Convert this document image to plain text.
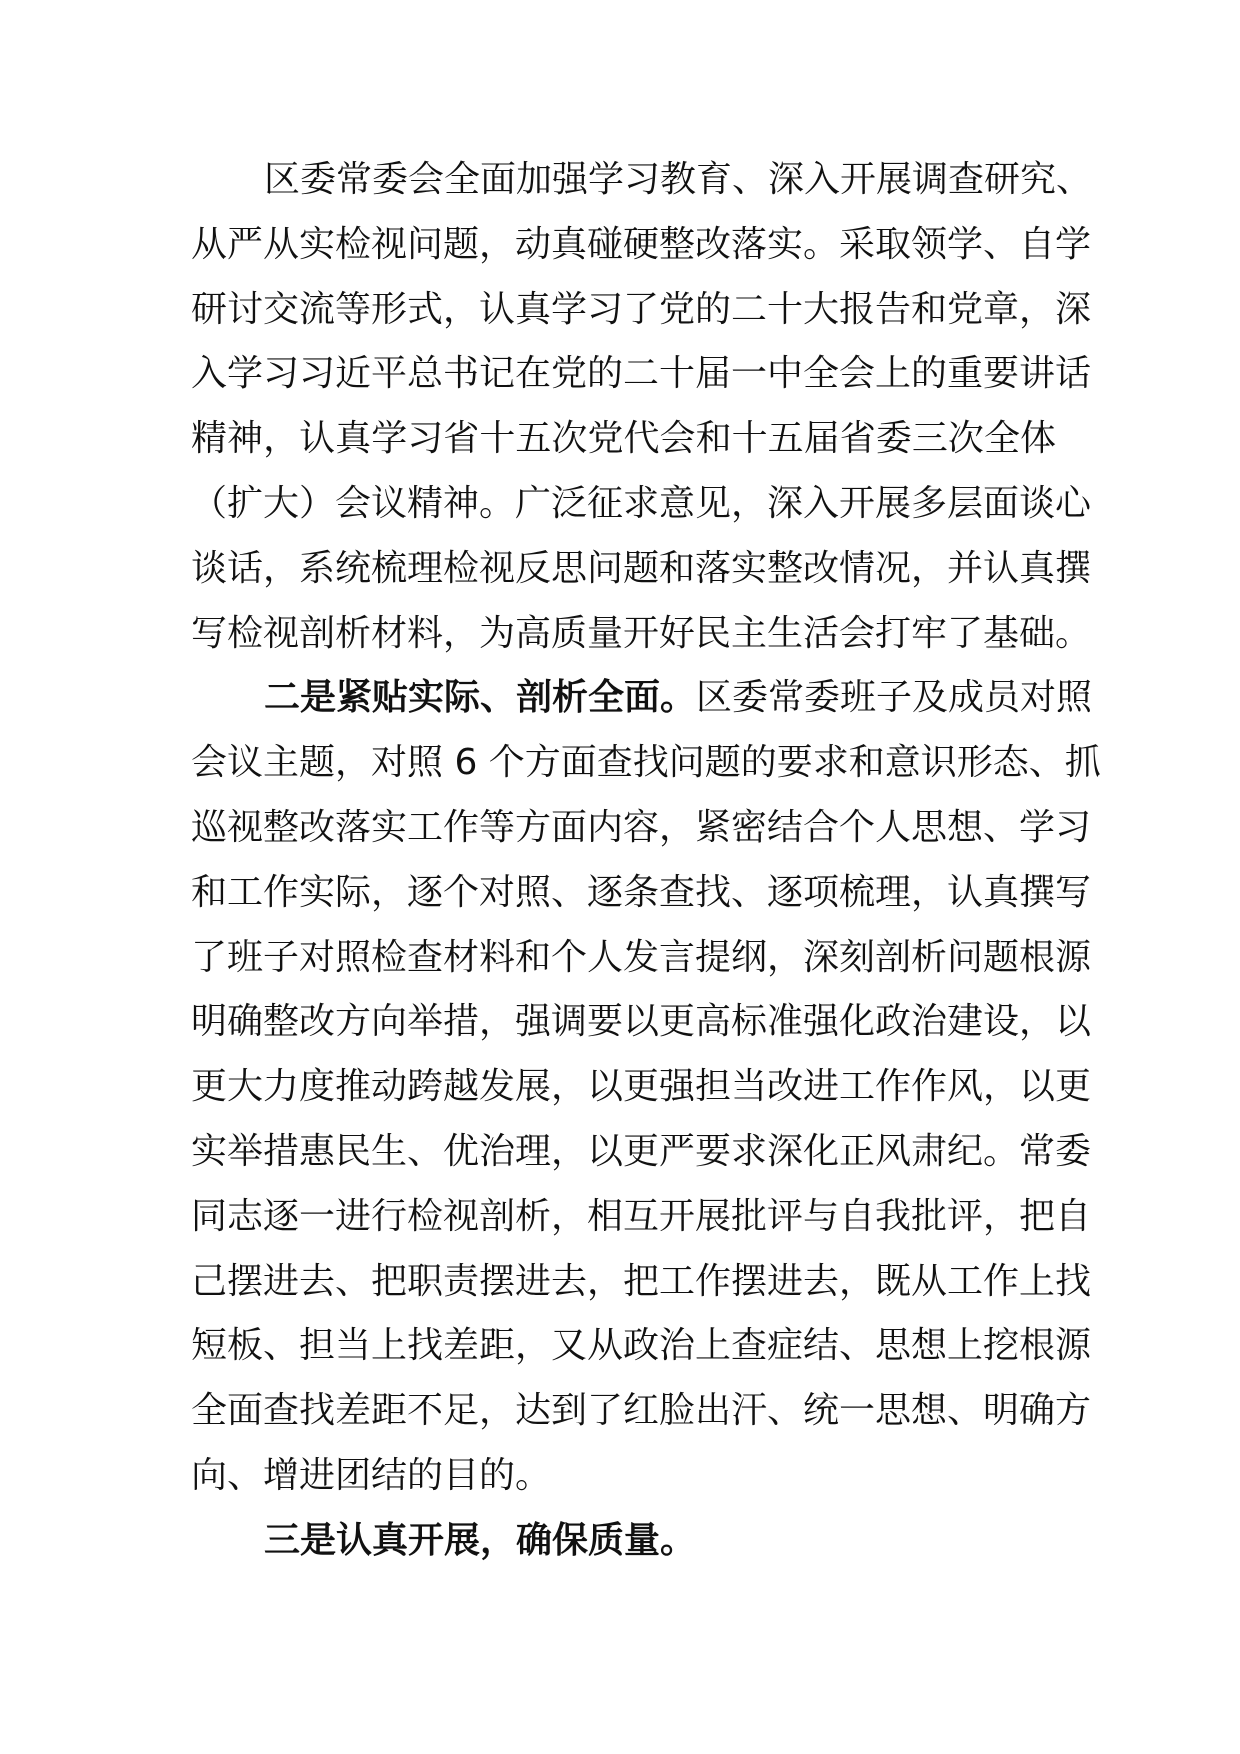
区委常委会全面加强学习教育、深入开展调查研究、
从严从实检视问题，动真碰硬整改落实。采取领学、自学
研讨交流等形式，认真学习了党的二十大报告和党章，深
入学习习近平总书记在党的二十届一中全会上的重要讲话
精神，认真学习省十五次党代会和十五届省委三次全体
（扩大）会议精神。广泛征求意见，深入开展多层面谈心
谈话，系统梳理检视反思问题和落实整改情况，并认真撰
写检视剖析材料，为高质量开好民主生活会打牢了基础。
二是紧贴实际、剖析全面。区委常委班子及成员对照
会议主题，对照 6 个方面查找问题的要求和意识形态、抓
巡视整改落实工作等方面内容，紧密结合个人思想、学习
和工作实际，逐个对照、逐条查找、逐项梳理，认真撰写
了班子对照检查材料和个人发言提纲，深刻剖析问题根源
明确整改方向举措，强调要以更高标准强化政治建设，以
更大力度推动跨越发展，以更强担当改进工作作风，以更
实举措惠民生、优治理，以更严要求深化正风肃纪。常委
同志逐一进行检视剖析，相互开展批评与自我批评，把自
己摆进去、把职责摆进去，把工作摆进去，既从工作上找
短板、担当上找差距，又从政治上查症结、思想上挖根源
全面查找差距不足，达到了红脸出汗、统一思想、明确方
向、增进团结的目的。
三是认真开展，确保质量。
